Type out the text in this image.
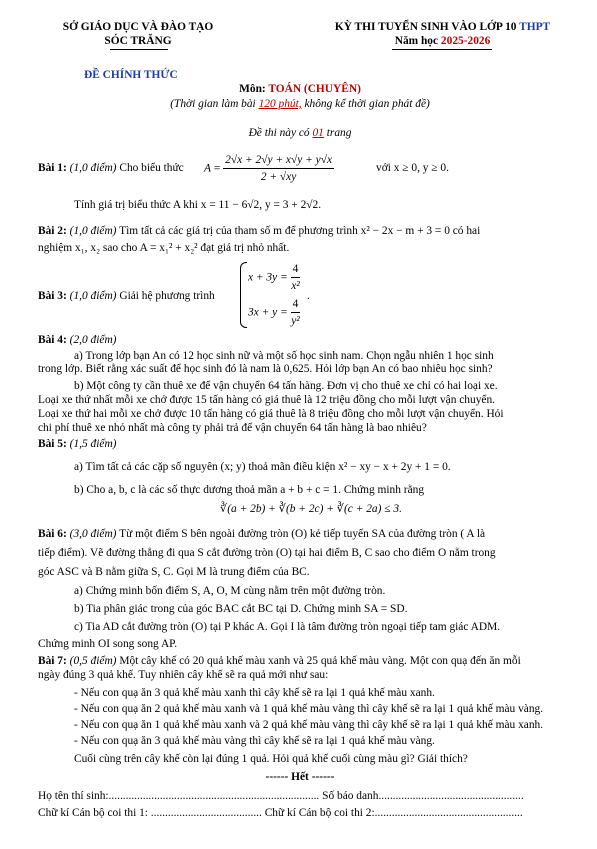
SỞ GIÁO DỤC VÀ ĐÀO TẠO
SÓC TRĂNG
KỲ THI TUYỂN SINH VÀO LỚP 10 THPT
Năm học 2025-2026
ĐỀ CHÍNH THỨC
Môn: TOÁN (CHUYÊN)
(Thời gian làm bài 120 phút, không kể thời gian phát đề)
Đề thi này có 01 trang
Bài 1: (1,0 điểm) Cho biểu thức $A = \frac{2√x + 2√y + x√y + y√x}{2 + √xy}$	với x ≥ 0, y ≥ 0.
Tính giá trị biểu thức A khi x = 11 − 6√2, y = 3 + 2√2.
Bài 2: (1,0 điểm) Tìm tất cả các giá trị của tham số m để phương trình x² − 2x − m + 3 = 0 có hai
nghiệm x₁, x₂ sao cho A = x₁² + x₂² đạt giá trị nhỏ nhất.
Bài 3: (1,0 điểm) Giải hệ phương trình
$x + 3y = \frac{4}{\text{x²}}$
$3x + y = \frac{4}{\text{y²}}$
.
Bài 4: (2,0 điểm)
a) Trong lớp bạn An có 12 học sinh nữ và một số học sinh nam. Chọn ngẫu nhiên 1 học sinh
trong lớp. Biết rằng xác suất để học sinh đó là nam là 0,625. Hỏi lớp bạn An có bao nhiêu học sinh?
b) Một công ty cần thuê xe để vận chuyển 64 tấn hàng. Đơn vị cho thuê xe chỉ có hai loại xe.
Loại xe thứ nhất mỗi xe chở được 15 tấn hàng có giá thuê là 12 triệu đồng cho mỗi lượt vận chuyển.
Loại xe thứ hai mỗi xe chở được 10 tấn hàng có giá thuê là 8 triệu đồng cho mỗi lượt vận chuyển. Hỏi
chi phí thuê xe nhỏ nhất mà công ty phải trả để vận chuyển 64 tấn hàng là bao nhiêu?
Bài 5: (1,5 điểm)
a) Tìm tất cả các cặp số nguyên (x; y) thoả mãn điều kiện x² − xy − x + 2y + 1 = 0.
b) Cho a, b, c là các số thực dương thoả mãn a + b + c = 1. Chứng minh rằng
∛(a + 2b) + ∛(b + 2c) + ∛(c + 2a) ≤ 3.
Bài 6: (3,0 điểm) Từ một điểm S bên ngoài đường tròn (O) kẻ tiếp tuyến SA của đường tròn ( A là
tiếp điểm). Vẽ đường thẳng đi qua S cắt đường tròn (O) tại hai điểm B, C sao cho điểm O nằm trong
góc ASC và B nằm giữa S, C. Gọi M là trung điểm của BC.
a) Chứng minh bốn điểm S, A, O, M cùng nằm trên một đường tròn.
b) Tia phân giác trong của góc BAC cắt BC tại D. Chứng minh SA = SD.
c) Tia AD cắt đường tròn (O) tại P khác A. Gọi I là tâm đường tròn ngoại tiếp tam giác ADM.
Chứng minh OI song song AP.
Bài 7: (0,5 điểm) Một cây khế có 20 quả khế màu xanh và 25 quả khế màu vàng. Một con quạ đến ăn mỗi
ngày đúng 3 quả khế. Tuy nhiên cây khế sẽ ra quả mới như sau:
- Nếu con quạ ăn 3 quả khế màu xanh thì cây khế sẽ ra lại 1 quả khế màu xanh.
- Nếu con quạ ăn 2 quả khế màu xanh và 1 quả khế màu vàng thì cây khế sẽ ra lại 1 quả khế màu vàng.
- Nếu con quạ ăn 1 quả khế màu xanh và 2 quả khế màu vàng thì cây khế sẽ ra lại 1 quả khế màu xanh.
- Nếu con quạ ăn 3 quả khế màu vàng thì cây khế sẽ ra lại 1 quả khế màu vàng.
Cuối cùng trên cây khế còn lại đúng 1 quả. Hỏi quả khế cuối cùng màu gì? Giải thích?
------ Hết ------
Họ tên thí sinh:.......................................................................... Số báo danh...................................................
Chữ kí Cán bộ coi thi 1: ....................................... Chữ kí Cán bộ coi thi 2:....................................................
